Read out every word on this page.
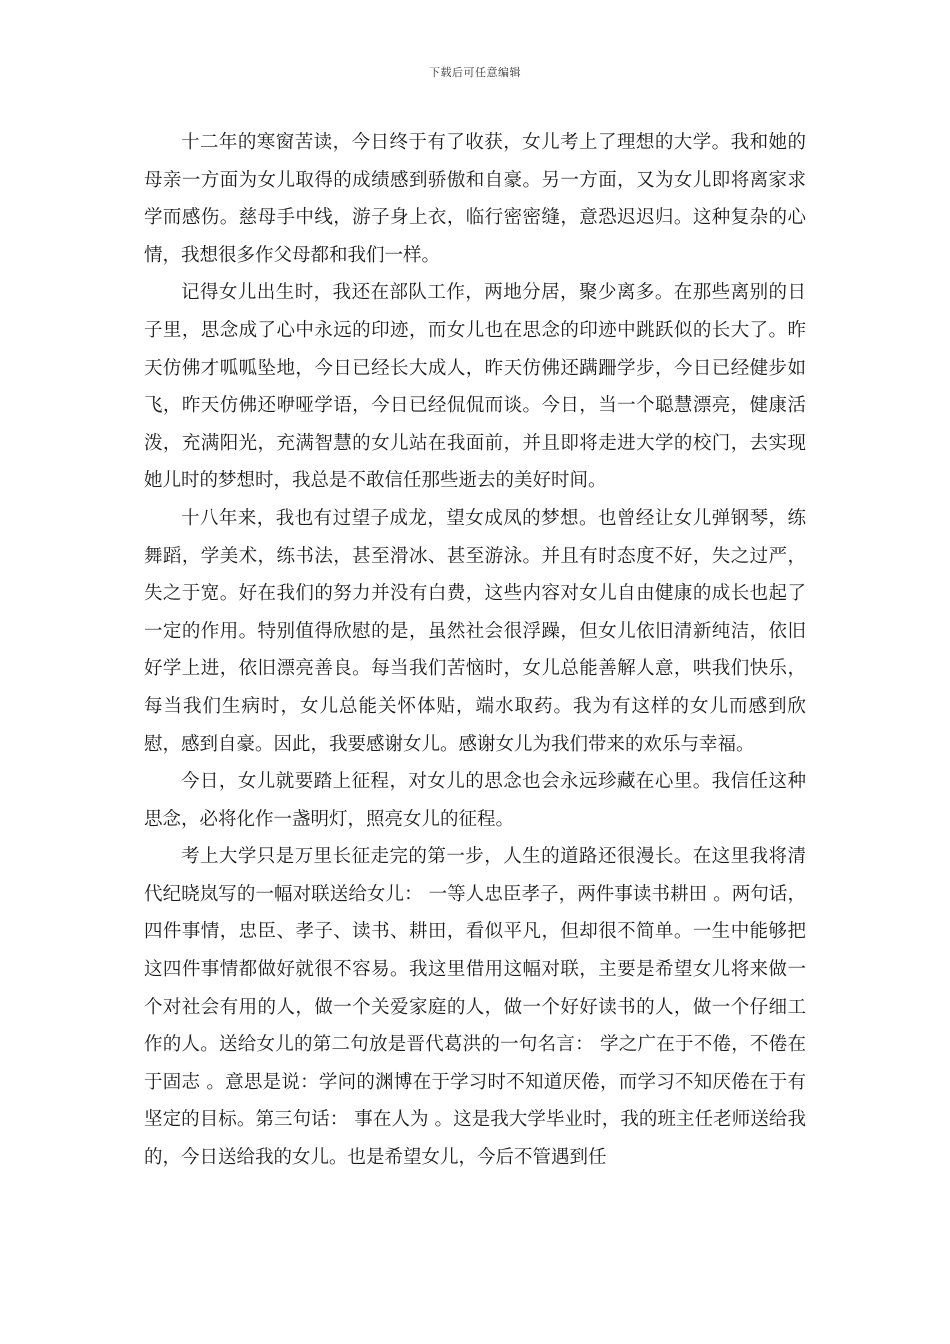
下载后可任意编辑

十二年的寒窗苦读，今日终于有了收获，女儿考上了理想的大学。我和她的母亲一方面为女儿取得的成绩感到骄傲和自豪。另一方面，又为女儿即将离家求学而感伤。慈母手中线，游子身上衣，临行密密缝，意恐迟迟归。这种复杂的心情，我想很多作父母都和我们一样。

记得女儿出生时，我还在部队工作，两地分居，聚少离多。在那些离别的日子里，思念成了心中永远的印迹，而女儿也在思念的印迹中跳跃似的长大了。昨天仿佛才呱呱坠地，今日已经长大成人，昨天仿佛还蹒跚学步，今日已经健步如飞，昨天仿佛还咿哑学语，今日已经侃侃而谈。今日，当一个聪慧漂亮，健康活泼，充满阳光，充满智慧的女儿站在我面前，并且即将走进大学的校门，去实现她儿时的梦想时，我总是不敢信任那些逝去的美好时间。

十八年来，我也有过望子成龙，望女成凤的梦想。也曾经让女儿弹钢琴，练舞蹈，学美术，练书法，甚至滑冰、甚至游泳。并且有时态度不好，失之过严，失之于宽。好在我们的努力并没有白费，这些内容对女儿自由健康的成长也起了一定的作用。特别值得欣慰的是，虽然社会很浮躁，但女儿依旧清新纯洁，依旧好学上进，依旧漂亮善良。每当我们苦恼时，女儿总能善解人意，哄我们快乐，每当我们生病时，女儿总能关怀体贴，端水取药。我为有这样的女儿而感到欣慰，感到自豪。因此，我要感谢女儿。感谢女儿为我们带来的欢乐与幸福。

今日，女儿就要踏上征程，对女儿的思念也会永远珍藏在心里。我信任这种思念，必将化作一盏明灯，照亮女儿的征程。

考上大学只是万里长征走完的第一步，人生的道路还很漫长。在这里我将清代纪晓岚写的一幅对联送给女儿： 一等人忠臣孝子，两件事读书耕田 。两句话，四件事情，忠臣、孝子、读书、耕田，看似平凡，但却很不简单。一生中能够把这四件事情都做好就很不容易。我这里借用这幅对联，主要是希望女儿将来做一个对社会有用的人，做一个关爱家庭的人，做一个好好读书的人，做一个仔细工作的人。送给女儿的第二句放是晋代葛洪的一句名言： 学之广在于不倦，不倦在于固志 。意思是说：学问的渊博在于学习时不知道厌倦，而学习不知厌倦在于有坚定的目标。第三句话： 事在人为 。这是我大学毕业时，我的班主任老师送给我的，今日送给我的女儿。也是希望女儿，今后不管遇到任
